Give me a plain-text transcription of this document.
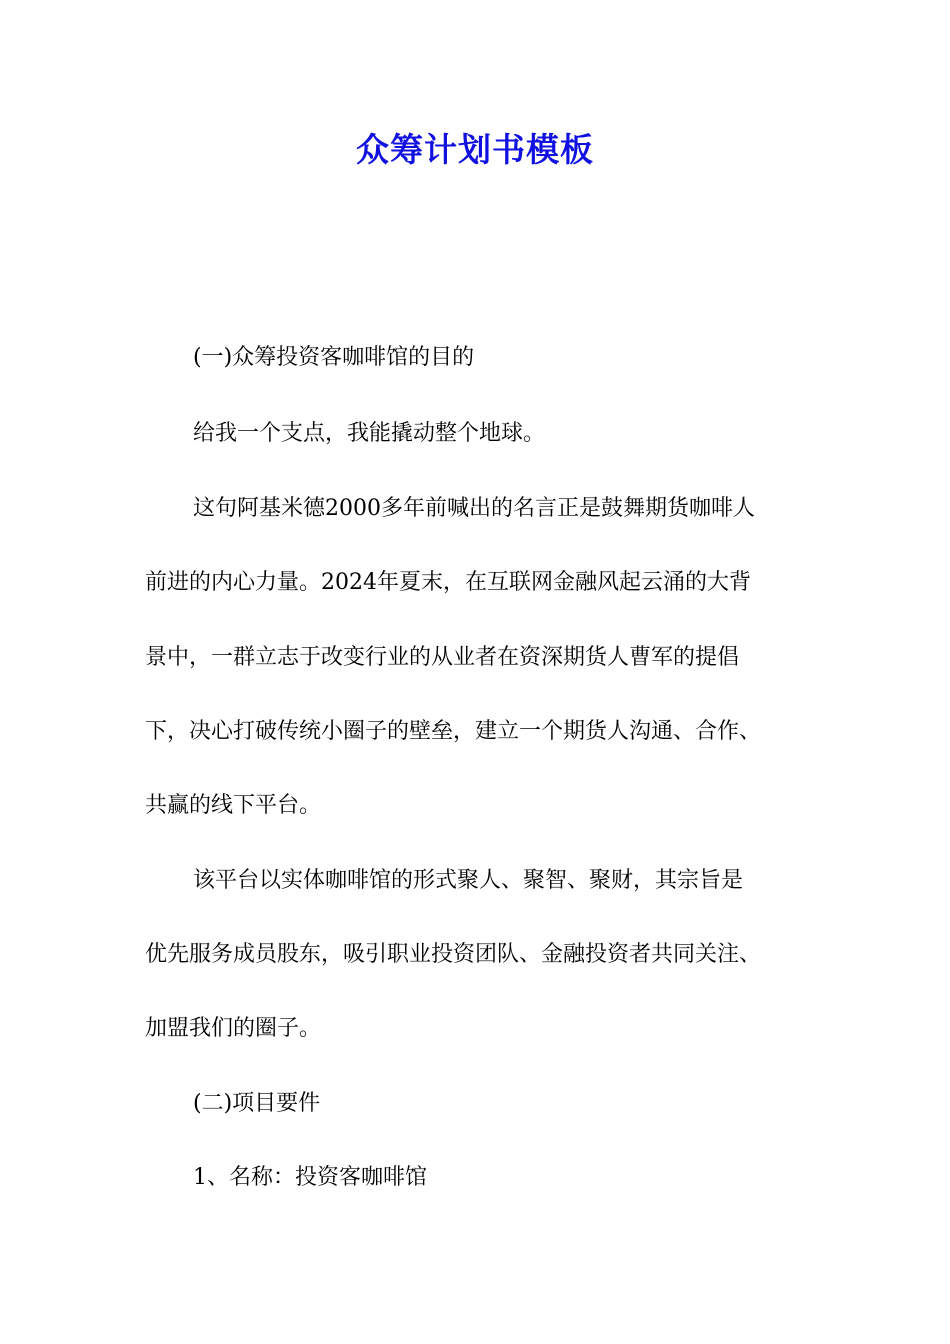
众筹计划书模板
(一)众筹投资客咖啡馆的目的
给我一个支点，我能撬动整个地球。
这句阿基米德2000多年前喊出的名言正是鼓舞期货咖啡人
前进的内心力量。2024年夏末，在互联网金融风起云涌的大背
景中，一群立志于改变行业的从业者在资深期货人曹军的提倡
下，决心打破传统小圈子的壁垒，建立一个期货人沟通、合作、
共赢的线下平台。
该平台以实体咖啡馆的形式聚人、聚智、聚财，其宗旨是
优先服务成员股东，吸引职业投资团队、金融投资者共同关注、
加盟我们的圈子。
(二)项目要件
1、名称：投资客咖啡馆
